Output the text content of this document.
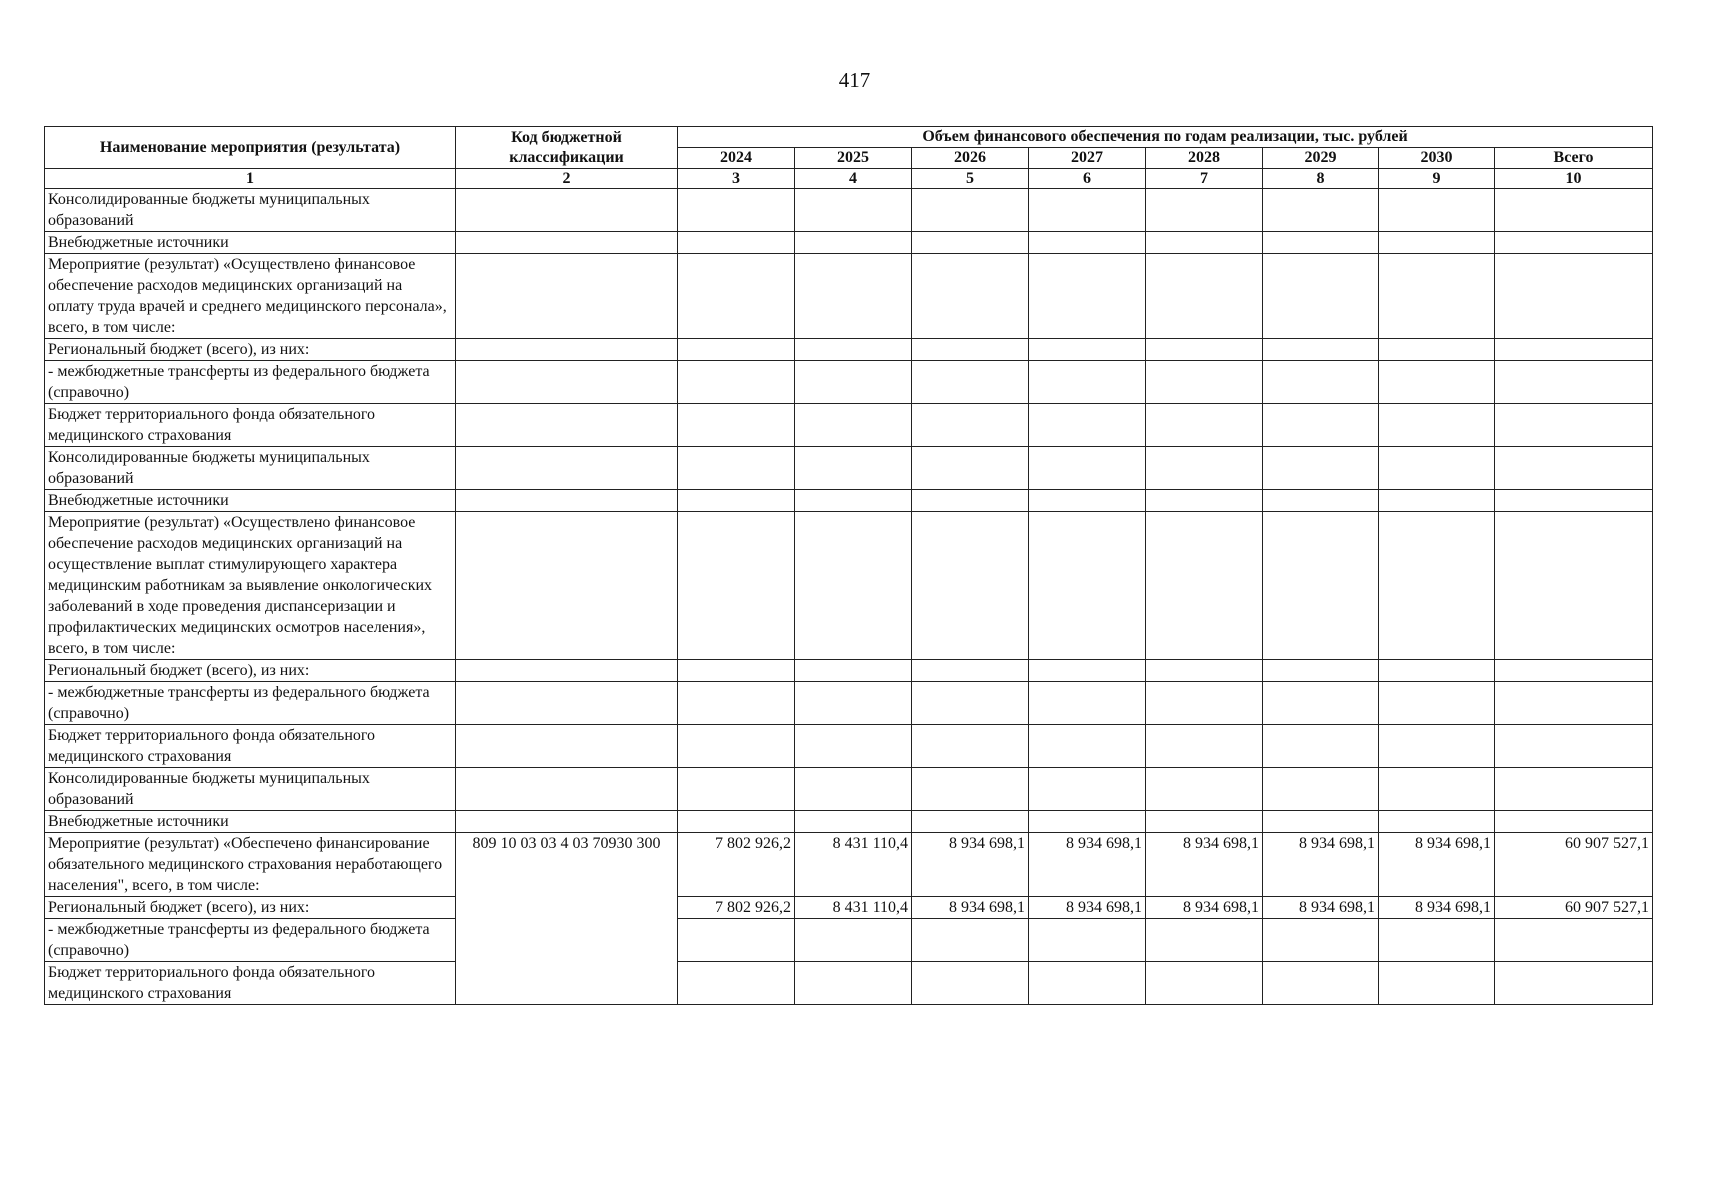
417
Наименование мероприятия (результата)	Код бюджетной классификации	Объем финансового обеспечения по годам реализации, тыс. рублей							
		2024	2025	2026	2027	2028	2029	2030	Всего
1	2	3	4	5	6	7	8	9	10
Консолидированные бюджеты муниципальных образований									
Внебюджетные источники									
Мероприятие (результат) «Осуществлено финансовое обеспечение расходов медицинских организаций на оплату труда врачей и среднего медицинского персонала», всего, в том числе:									
Региональный бюджет (всего), из них:									
- межбюджетные трансферты из федерального бюджета (справочно)									
Бюджет территориального фонда обязательного медицинского страхования									
Консолидированные бюджеты муниципальных образований									
Внебюджетные источники									
Мероприятие (результат) «Осуществлено финансовое обеспечение расходов медицинских организаций на осуществление выплат стимулирующего характера медицинским работникам за выявление онкологических заболеваний в ходе проведения диспансеризации и профилактических медицинских осмотров населения», всего, в том числе:									
Региональный бюджет (всего), из них:									
- межбюджетные трансферты из федерального бюджета (справочно)									
Бюджет территориального фонда обязательного медицинского страхования									
Консолидированные бюджеты муниципальных образований									
Внебюджетные источники									
Мероприятие (результат) «Обеспечено финансирование обязательного медицинского страхования неработающего населения", всего, в том числе:	809 10 03 03 4 03 70930 300	7 802 926,2	8 431 110,4	8 934 698,1	8 934 698,1	8 934 698,1	8 934 698,1	8 934 698,1	60 907 527,1
Региональный бюджет (всего), из них:		7 802 926,2	8 431 110,4	8 934 698,1	8 934 698,1	8 934 698,1	8 934 698,1	8 934 698,1	60 907 527,1
- межбюджетные трансферты из федерального бюджета (справочно)									
Бюджет территориального фонда обязательного медицинского страхования									
